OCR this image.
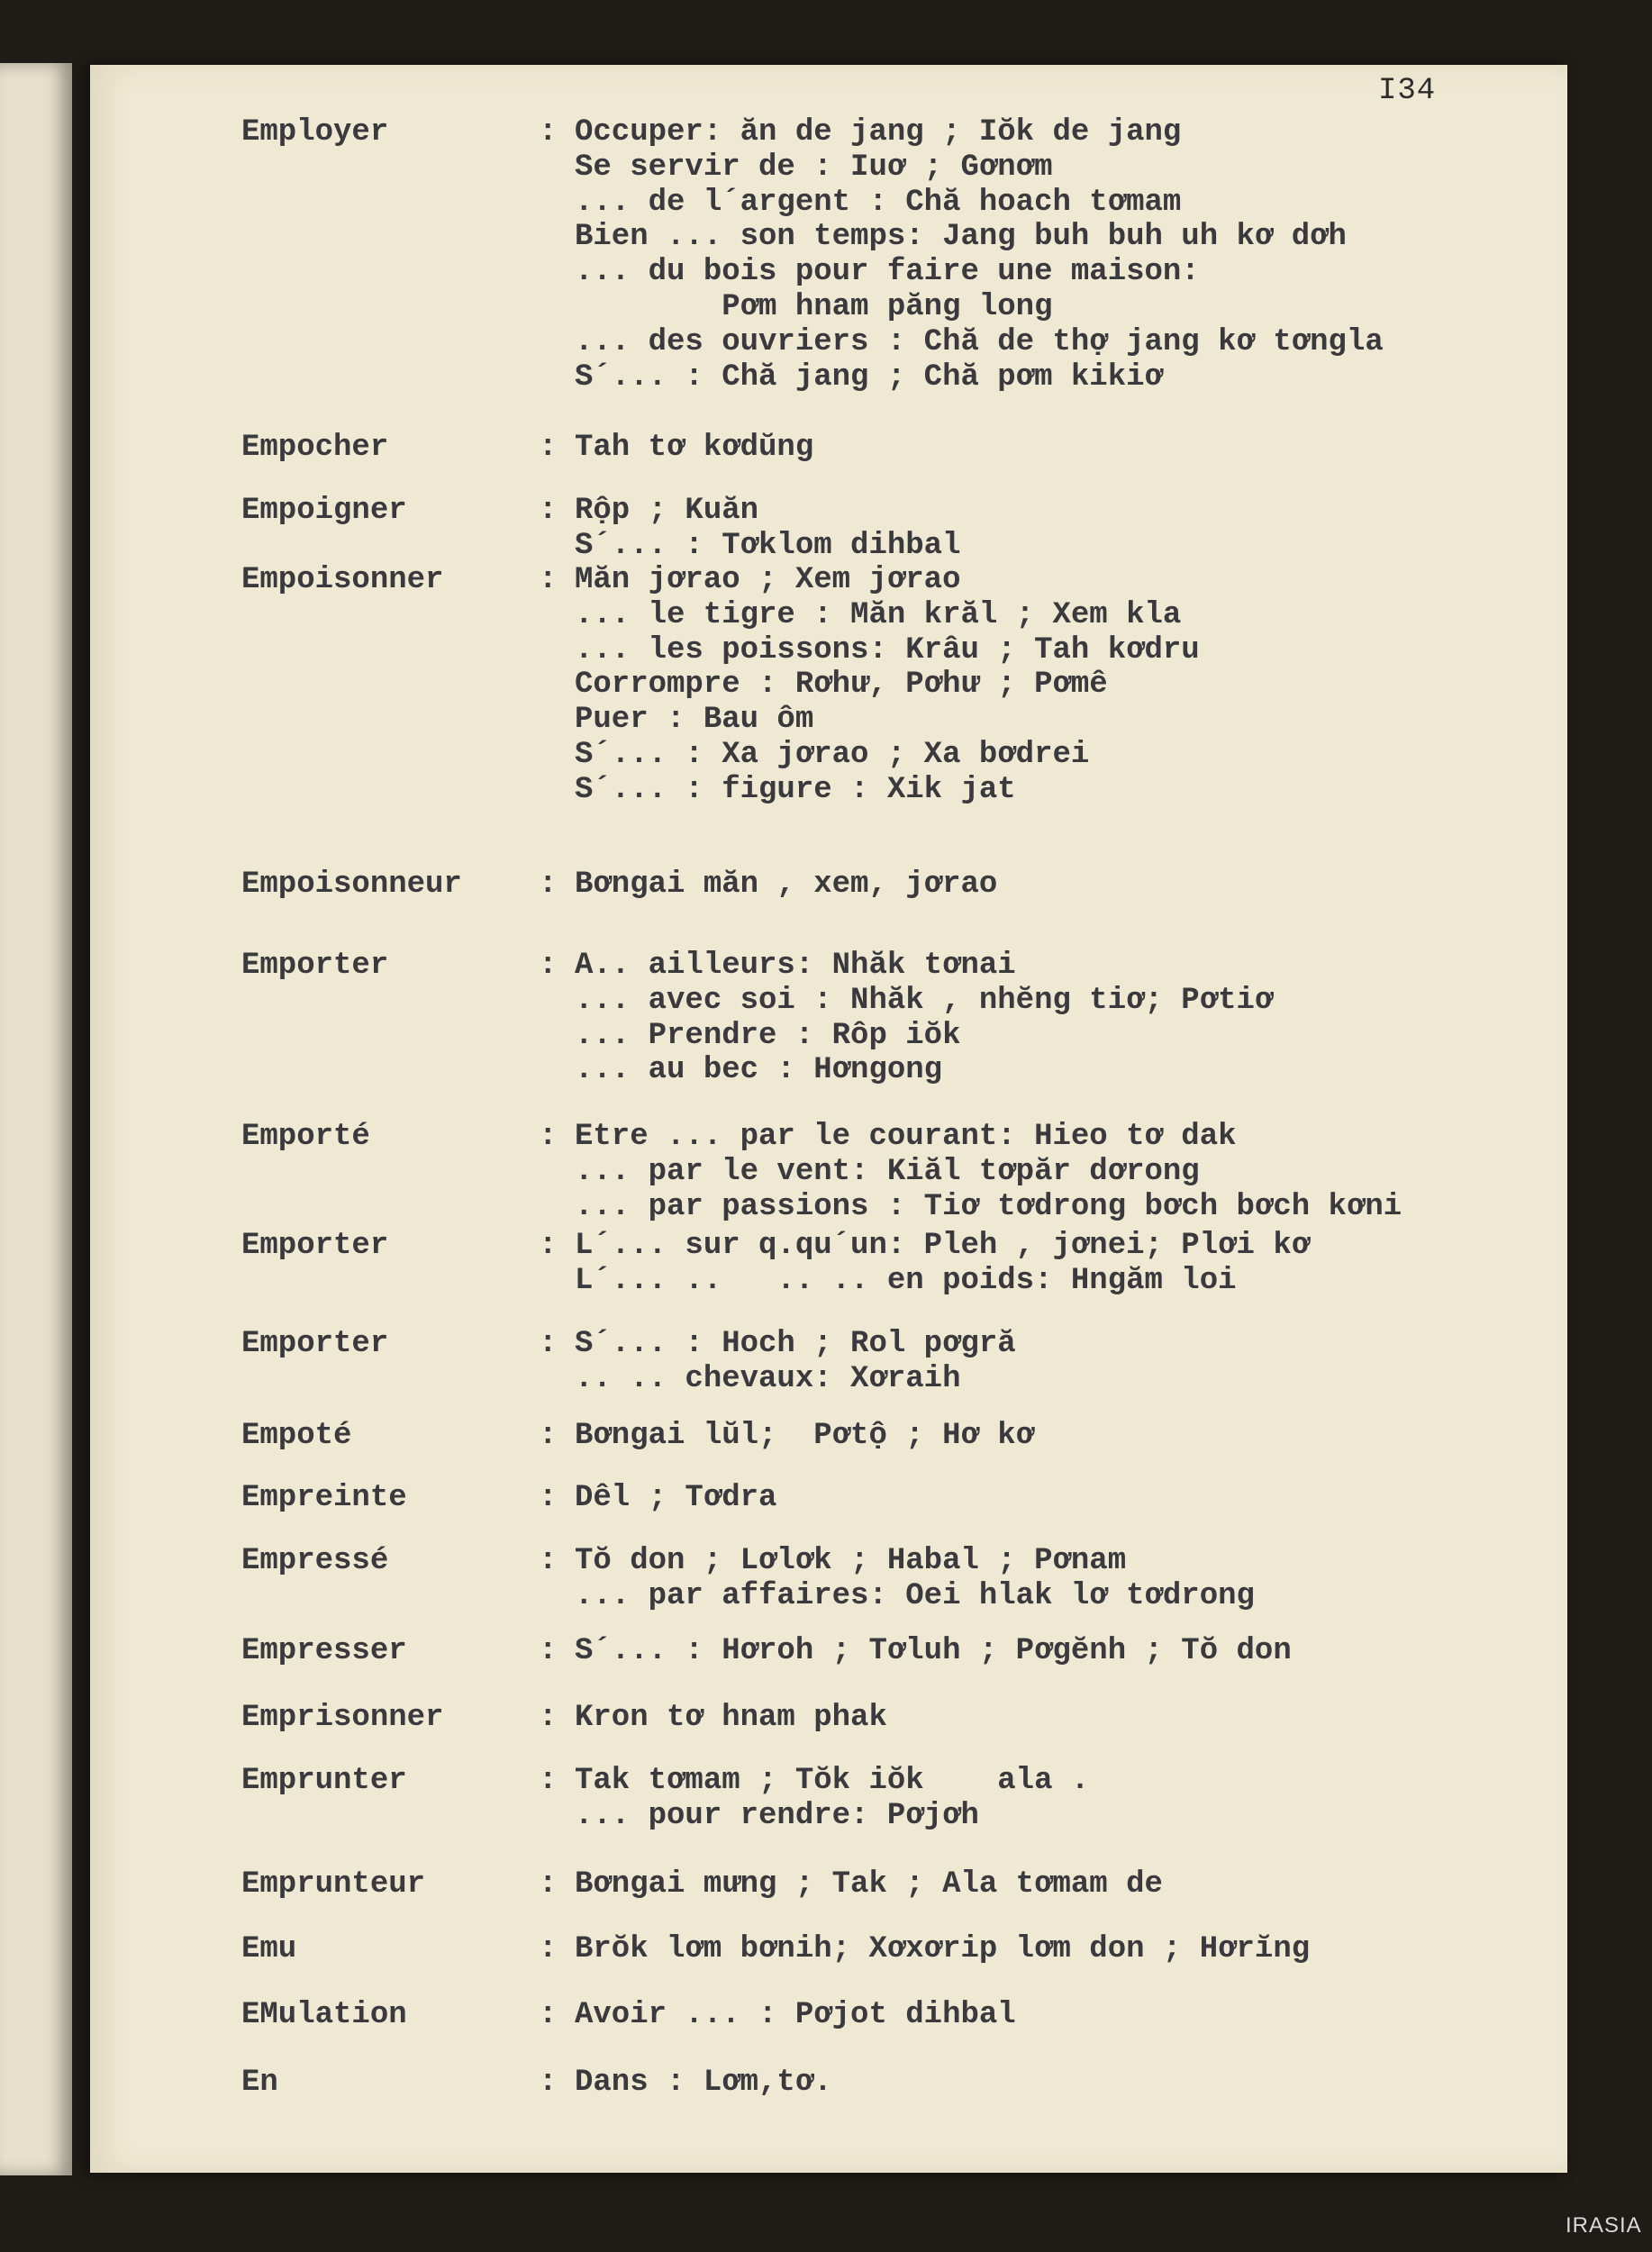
I34
Employer	: Occuper: ăn de jang ; Iŏk de jang
Se servir de : Iuơ ; Gơnơm
... de l´argent : Chă hoach tơmam
Bien ... son temps: Jang buh buh uh kơ dơh
... du bois pour faire une maison:
Pơm hnam păng long
... des ouvriers : Chă de thợ jang kơ tơngla
S´... : Chă jang ; Chă pơm kikiơ
Empocher	: Tah tơ kơdŭng
Empoigner	: Rộp ; Kuăn
S´... : Tơklom dihbal
Empoisonner	: Măn jơrao ; Xem jơrao
... le tigre : Măn krăl ; Xem kla
... les poissons: Krâu ; Tah kơdru
Corrompre : Rơhư, Pơhư ; Pơmê
Puer : Bau ôm
S´... : Xa jơrao ; Xa bơdrei
S´... : figure : Xik jat
Empoisonneur	: Bơngai măn , xem, jơrao
Emporter	: A.. ailleurs: Nhăk tơnai
... avec soi : Nhăk , nhĕng tiơ; Pơtiơ
... Prendre : Rôp iŏk
... au bec : Hơngong
Emporté	: Etre ... par le courant: Hieo tơ dak
... par le vent: Kiăl tơpăr dơrong
... par passions : Tiơ tơdrong bơch bơch kơni
Emporter	: L´... sur q.qu´un: Pleh , jơnei; Plơi kơ
L´... ..   .. .. en poids: Hngăm loi
Emporter	: S´... : Hoch ; Rol pơgră
.. .. chevaux: Xơraih
Empoté	: Bơngai lŭl;  Pơtộ ; Hơ kơ
Empreinte	: Dêl ; Tơdra
Empressé	: Tŏ don ; Lơlơk ; Habal ; Pơnam
... par affaires: Oei hlak lơ tơdrong
Empresser	: S´... : Hơroh ; Tơluh ; Pơgĕnh ; Tŏ don
Emprisonner	: Kron tơ hnam phak
Emprunter	: Tak tơmam ; Tŏk iŏk    ala .
... pour rendre: Pơjơh
Emprunteur	: Bơngai mưng ; Tak ; Ala tơmam de
Emu	: Brŏk lơm bơnih; Xơxơrip lơm don ; Hơrĭng
EMulation	: Avoir ... : Pơjot dihbal
En	: Dans : Lơm,tơ.
IRASIA
